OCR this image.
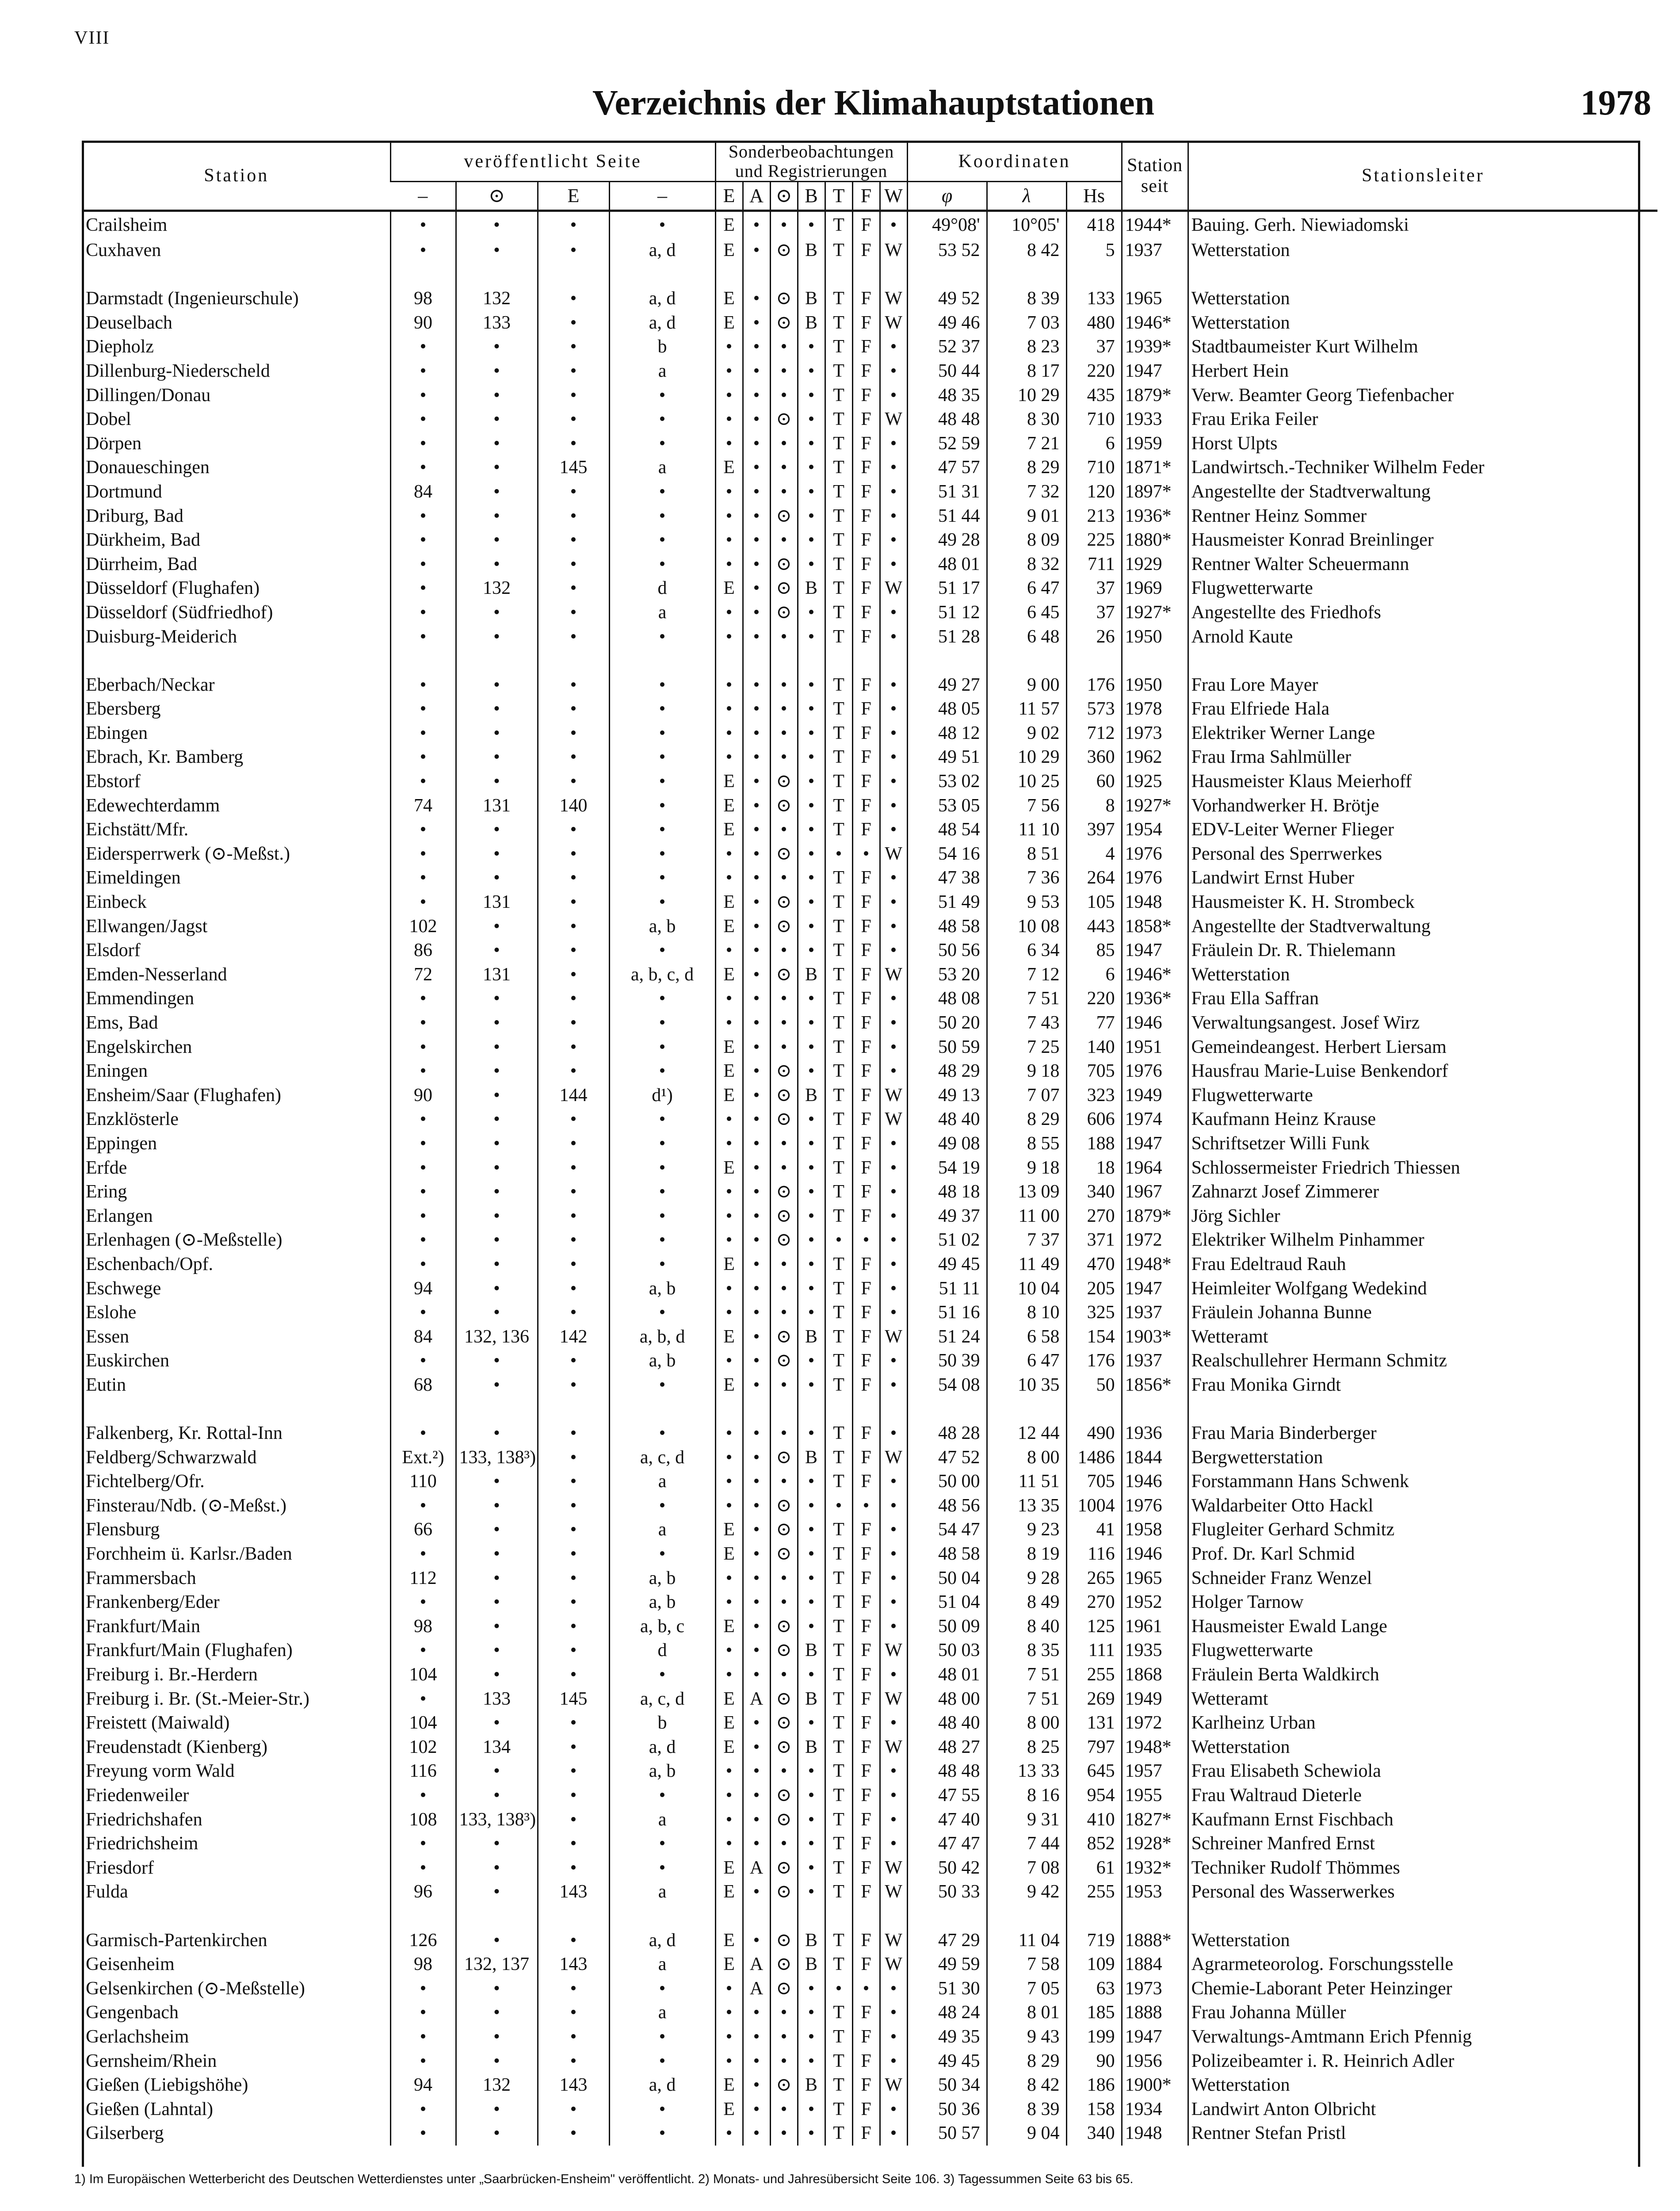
VIII
Verzeichnis der Klimahauptstationen	1978
Station	veröffentlicht Seite				Sonderbeobachtungen und Registrierungen							Koordinaten			Station seit	Stationsleiter
	–	⊙	E	–	E	A	⊙	B	T	F	W	φ	λ	Hs		
Crailsheim	•	•	•	•	E	•	•	•	T	F	•	49°08'	10°05'	418	1944*	Bauing. Gerh. Niewiadomski
Cuxhaven	•	•	•	a, d	E	•	⊙	B	T	F	W	53 52	8 42	5	1937	Wetterstation

Darmstadt (Ingenieurschule)	98	132	•	a, d	E	•	⊙	B	T	F	W	49 52	8 39	133	1965	Wetterstation
Deuselbach	90	133	•	a, d	E	•	⊙	B	T	F	W	49 46	7 03	480	1946*	Wetterstation
Diepholz	•	•	•	b	•	•	•	•	T	F	•	52 37	8 23	37	1939*	Stadtbaumeister Kurt Wilhelm
Dillenburg-Niederscheld	•	•	•	a	•	•	•	•	T	F	•	50 44	8 17	220	1947	Herbert Hein
Dillingen/Donau	•	•	•	•	•	•	•	•	T	F	•	48 35	10 29	435	1879*	Verw. Beamter Georg Tiefenbacher
Dobel	•	•	•	•	•	•	⊙	•	T	F	W	48 48	8 30	710	1933	Frau Erika Feiler
Dörpen	•	•	•	•	•	•	•	•	T	F	•	52 59	7 21	6	1959	Horst Ulpts
Donaueschingen	•	•	145	a	E	•	•	•	T	F	•	47 57	8 29	710	1871*	Landwirtsch.-Techniker Wilhelm Feder
Dortmund	84	•	•	•	•	•	•	•	T	F	•	51 31	7 32	120	1897*	Angestellte der Stadtverwaltung
Driburg, Bad	•	•	•	•	•	•	⊙	•	T	F	•	51 44	9 01	213	1936*	Rentner Heinz Sommer
Dürkheim, Bad	•	•	•	•	•	•	•	•	T	F	•	49 28	8 09	225	1880*	Hausmeister Konrad Breinlinger
Dürrheim, Bad	•	•	•	•	•	•	⊙	•	T	F	•	48 01	8 32	711	1929	Rentner Walter Scheuermann
Düsseldorf (Flughafen)	•	132	•	d	E	•	⊙	B	T	F	W	51 17	6 47	37	1969	Flugwetterwarte
Düsseldorf (Südfriedhof)	•	•	•	a	•	•	⊙	•	T	F	•	51 12	6 45	37	1927*	Angestellte des Friedhofs
Duisburg-Meiderich	•	•	•	•	•	•	•	•	T	F	•	51 28	6 48	26	1950	Arnold Kaute

Eberbach/Neckar	•	•	•	•	•	•	•	•	T	F	•	49 27	9 00	176	1950	Frau Lore Mayer
Ebersberg	•	•	•	•	•	•	•	•	T	F	•	48 05	11 57	573	1978	Frau Elfriede Hala
Ebingen	•	•	•	•	•	•	•	•	T	F	•	48 12	9 02	712	1973	Elektriker Werner Lange
Ebrach, Kr. Bamberg	•	•	•	•	•	•	•	•	T	F	•	49 51	10 29	360	1962	Frau Irma Sahlmüller
Ebstorf	•	•	•	•	E	•	⊙	•	T	F	•	53 02	10 25	60	1925	Hausmeister Klaus Meierhoff
Edewechterdamm	74	131	140	•	E	•	⊙	•	T	F	•	53 05	7 56	8	1927*	Vorhandwerker H. Brötje
Eichstätt/Mfr.	•	•	•	•	E	•	•	•	T	F	•	48 54	11 10	397	1954	EDV-Leiter Werner Flieger
Eidersperrwerk (⊙-Meßst.)	•	•	•	•	•	•	⊙	•	•	•	W	54 16	8 51	4	1976	Personal des Sperrwerkes
Eimeldingen	•	•	•	•	•	•	•	•	T	F	•	47 38	7 36	264	1976	Landwirt Ernst Huber
Einbeck	•	131	•	•	E	•	⊙	•	T	F	•	51 49	9 53	105	1948	Hausmeister K. H. Strombeck
Ellwangen/Jagst	102	•	•	a, b	E	•	⊙	•	T	F	•	48 58	10 08	443	1858*	Angestellte der Stadtverwaltung
Elsdorf	86	•	•	•	•	•	•	•	T	F	•	50 56	6 34	85	1947	Fräulein Dr. R. Thielemann
Emden-Nesserland	72	131	•	a, b, c, d	E	•	⊙	B	T	F	W	53 20	7 12	6	1946*	Wetterstation
Emmendingen	•	•	•	•	•	•	•	•	T	F	•	48 08	7 51	220	1936*	Frau Ella Saffran
Ems, Bad	•	•	•	•	•	•	•	•	T	F	•	50 20	7 43	77	1946	Verwaltungsangest. Josef Wirz
Engelskirchen	•	•	•	•	E	•	•	•	T	F	•	50 59	7 25	140	1951	Gemeindeangest. Herbert Liersam
Eningen	•	•	•	•	E	•	⊙	•	T	F	•	48 29	9 18	705	1976	Hausfrau Marie-Luise Benkendorf
Ensheim/Saar (Flughafen)	90	•	144	d¹)	E	•	⊙	B	T	F	W	49 13	7 07	323	1949	Flugwetterwarte
Enzklösterle	•	•	•	•	•	•	⊙	•	T	F	W	48 40	8 29	606	1974	Kaufmann Heinz Krause
Eppingen	•	•	•	•	•	•	•	•	T	F	•	49 08	8 55	188	1947	Schriftsetzer Willi Funk
Erfde	•	•	•	•	E	•	•	•	T	F	•	54 19	9 18	18	1964	Schlossermeister Friedrich Thiessen
Ering	•	•	•	•	•	•	⊙	•	T	F	•	48 18	13 09	340	1967	Zahnarzt Josef Zimmerer
Erlangen	•	•	•	•	•	•	⊙	•	T	F	•	49 37	11 00	270	1879*	Jörg Sichler
Erlenhagen (⊙-Meßstelle)	•	•	•	•	•	•	⊙	•	•	•	•	51 02	7 37	371	1972	Elektriker Wilhelm Pinhammer
Eschenbach/Opf.	•	•	•	•	E	•	•	•	T	F	•	49 45	11 49	470	1948*	Frau Edeltraud Rauh
Eschwege	94	•	•	a, b	•	•	•	•	T	F	•	51 11	10 04	205	1947	Heimleiter Wolfgang Wedekind
Eslohe	•	•	•	•	•	•	•	•	T	F	•	51 16	8 10	325	1937	Fräulein Johanna Bunne
Essen	84	132, 136	142	a, b, d	E	•	⊙	B	T	F	W	51 24	6 58	154	1903*	Wetteramt
Euskirchen	•	•	•	a, b	•	•	⊙	•	T	F	•	50 39	6 47	176	1937	Realschullehrer Hermann Schmitz
Eutin	68	•	•	•	E	•	•	•	T	F	•	54 08	10 35	50	1856*	Frau Monika Girndt

Falkenberg, Kr. Rottal-Inn	•	•	•	•	•	•	•	•	T	F	•	48 28	12 44	490	1936	Frau Maria Binderberger
Feldberg/Schwarzwald	Ext.²)	133, 138³)	•	a, c, d	•	•	⊙	B	T	F	W	47 52	8 00	1486	1844	Bergwetterstation
Fichtelberg/Ofr.	110	•	•	a	•	•	•	•	T	F	•	50 00	11 51	705	1946	Forstammann Hans Schwenk
Finsterau/Ndb. (⊙-Meßst.)	•	•	•	•	•	•	⊙	•	•	•	•	48 56	13 35	1004	1976	Waldarbeiter Otto Hackl
Flensburg	66	•	•	a	E	•	⊙	•	T	F	•	54 47	9 23	41	1958	Flugleiter Gerhard Schmitz
Forchheim ü. Karlsr./Baden	•	•	•	•	E	•	⊙	•	T	F	•	48 58	8 19	116	1946	Prof. Dr. Karl Schmid
Frammersbach	112	•	•	a, b	•	•	•	•	T	F	•	50 04	9 28	265	1965	Schneider Franz Wenzel
Frankenberg/Eder	•	•	•	a, b	•	•	•	•	T	F	•	51 04	8 49	270	1952	Holger Tarnow
Frankfurt/Main	98	•	•	a, b, c	E	•	⊙	•	T	F	•	50 09	8 40	125	1961	Hausmeister Ewald Lange
Frankfurt/Main (Flughafen)	•	•	•	d	•	•	⊙	B	T	F	W	50 03	8 35	111	1935	Flugwetterwarte
Freiburg i. Br.-Herdern	104	•	•	•	•	•	•	•	T	F	•	48 01	7 51	255	1868	Fräulein Berta Waldkirch
Freiburg i. Br. (St.-Meier-Str.)	•	133	145	a, c, d	E	A	⊙	B	T	F	W	48 00	7 51	269	1949	Wetteramt
Freistett (Maiwald)	104	•	•	b	E	•	⊙	•	T	F	•	48 40	8 00	131	1972	Karlheinz Urban
Freudenstadt (Kienberg)	102	134	•	a, d	E	•	⊙	B	T	F	W	48 27	8 25	797	1948*	Wetterstation
Freyung vorm Wald	116	•	•	a, b	•	•	•	•	T	F	•	48 48	13 33	645	1957	Frau Elisabeth Schewiola
Friedenweiler	•	•	•	•	•	•	⊙	•	T	F	•	47 55	8 16	954	1955	Frau Waltraud Dieterle
Friedrichshafen	108	133, 138³)	•	a	•	•	⊙	•	T	F	•	47 40	9 31	410	1827*	Kaufmann Ernst Fischbach
Friedrichsheim	•	•	•	•	•	•	•	•	T	F	•	47 47	7 44	852	1928*	Schreiner Manfred Ernst
Friesdorf	•	•	•	•	E	A	⊙	•	T	F	W	50 42	7 08	61	1932*	Techniker Rudolf Thömmes
Fulda	96	•	143	a	E	•	⊙	•	T	F	W	50 33	9 42	255	1953	Personal des Wasserwerkes

Garmisch-Partenkirchen	126	•	•	a, d	E	•	⊙	B	T	F	W	47 29	11 04	719	1888*	Wetterstation
Geisenheim	98	132, 137	143	a	E	A	⊙	B	T	F	W	49 59	7 58	109	1884	Agrarmeteorolog. Forschungsstelle
Gelsenkirchen (⊙-Meßstelle)	•	•	•	•	•	A	⊙	•	•	•	•	51 30	7 05	63	1973	Chemie-Laborant Peter Heinzinger
Gengenbach	•	•	•	a	•	•	•	•	T	F	•	48 24	8 01	185	1888	Frau Johanna Müller
Gerlachsheim	•	•	•	•	•	•	•	•	T	F	•	49 35	9 43	199	1947	Verwaltungs-Amtmann Erich Pfennig
Gernsheim/Rhein	•	•	•	•	•	•	•	•	T	F	•	49 45	8 29	90	1956	Polizeibeamter i. R. Heinrich Adler
Gießen (Liebigshöhe)	94	132	143	a, d	E	•	⊙	B	T	F	W	50 34	8 42	186	1900*	Wetterstation
Gießen (Lahntal)	•	•	•	•	E	•	•	•	T	F	•	50 36	8 39	158	1934	Landwirt Anton Olbricht
Gilserberg	•	•	•	•	•	•	•	•	T	F	•	50 57	9 04	340	1948	Rentner Stefan Pristl
1) Im Europäischen Wetterbericht des Deutschen Wetterdienstes unter „Saarbrücken-Ensheim" veröffentlicht. 2) Monats- und Jahresübersicht Seite 106. 3) Tagessummen Seite 63 bis 65.
